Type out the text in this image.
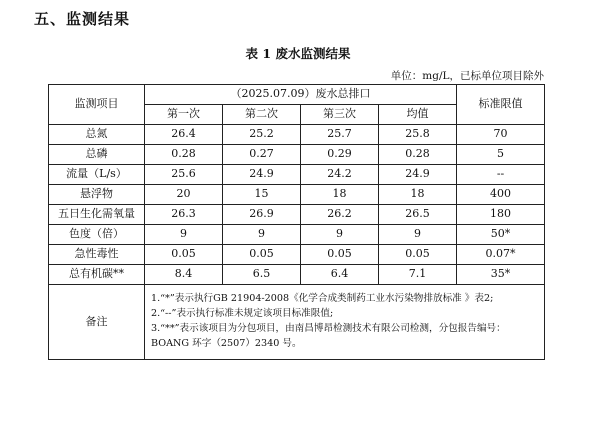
五、监测结果
表 1 废水监测结果

单位：mg/L，已标单位项目除外

监测项目	（2025.07.09）废水总排口				标准限值
	第一次	第二次	第三次	均值	
总氮	26.4	25.2	25.7	25.8	70
总磷	0.28	0.27	0.29	0.28	5
流量（L/s）	25.6	24.9	24.2	24.9	--
悬浮物	20	15	18	18	400
五日生化需氧量	26.3	26.9	26.2	26.5	180
色度（倍）	9	9	9	9	50*
急性毒性	0.05	0.05	0.05	0.05	0.07*
总有机碳**	8.4	6.5	6.4	7.1	35*
备注	1.“*”表示执行GB 21904-2008《化学合成类制药工业水污染物排放标准 》表2;
2.“--”表示执行标准未规定该项目标准限值;
3.“**”表示该项目为分包项目，由南昌博昂检测技术有限公司检测，分包报告编号：BOANG 环字（2507）2340 号。				
